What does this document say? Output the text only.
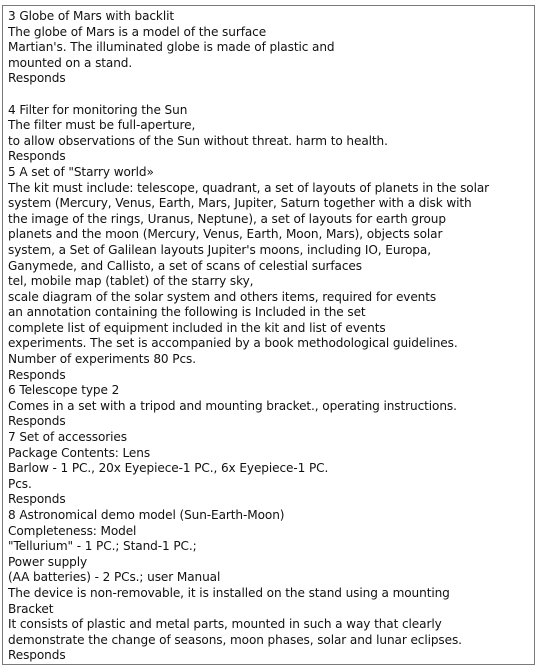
3 Globe of Mars with backlit
The globe of Mars is a model of the surface
Martian's. The illuminated globe is made of plastic and
mounted on a stand.
Responds
4 Filter for monitoring the Sun
The filter must be full-aperture,
to allow observations of the Sun without threat. harm to health.
Responds
5 A set of "Starry world»
The kit must include: telescope, quadrant, a set of layouts of planets in the solar
system (Mercury, Venus, Earth, Mars, Jupiter, Saturn together with a disk with
the image of the rings, Uranus, Neptune), a set of layouts for earth group
planets and the moon (Mercury, Venus, Earth, Moon, Mars), objects solar
system, a Set of Galilean layouts Jupiter's moons, including IO, Europa,
Ganymede, and Callisto, a set of scans of celestial surfaces
tel, mobile map (tablet) of the starry sky,
scale diagram of the solar system and others items, required for events
an annotation containing the following is Included in the set
complete list of equipment included in the kit and list of events
experiments. The set is accompanied by a book methodological guidelines.
Number of experiments 80 Pcs.
Responds
6 Telescope type 2
Comes in a set with a tripod and mounting bracket., operating instructions.
Responds
7 Set of accessories
Package Contents: Lens
Barlow - 1 PC., 20x Eyepiece-1 PC., 6x Eyepiece-1 PC.
Pcs.
Responds
8 Astronomical demo model (Sun-Earth-Moon)
Completeness: Model
"Tellurium" - 1 PC.; Stand-1 PC.;
Power supply
(AA batteries) - 2 PCs.; user Manual
The device is non-removable, it is installed on the stand using a mounting
Bracket
It consists of plastic and metal parts, mounted in such a way that clearly
demonstrate the change of seasons, moon phases, solar and lunar eclipses.
Responds
